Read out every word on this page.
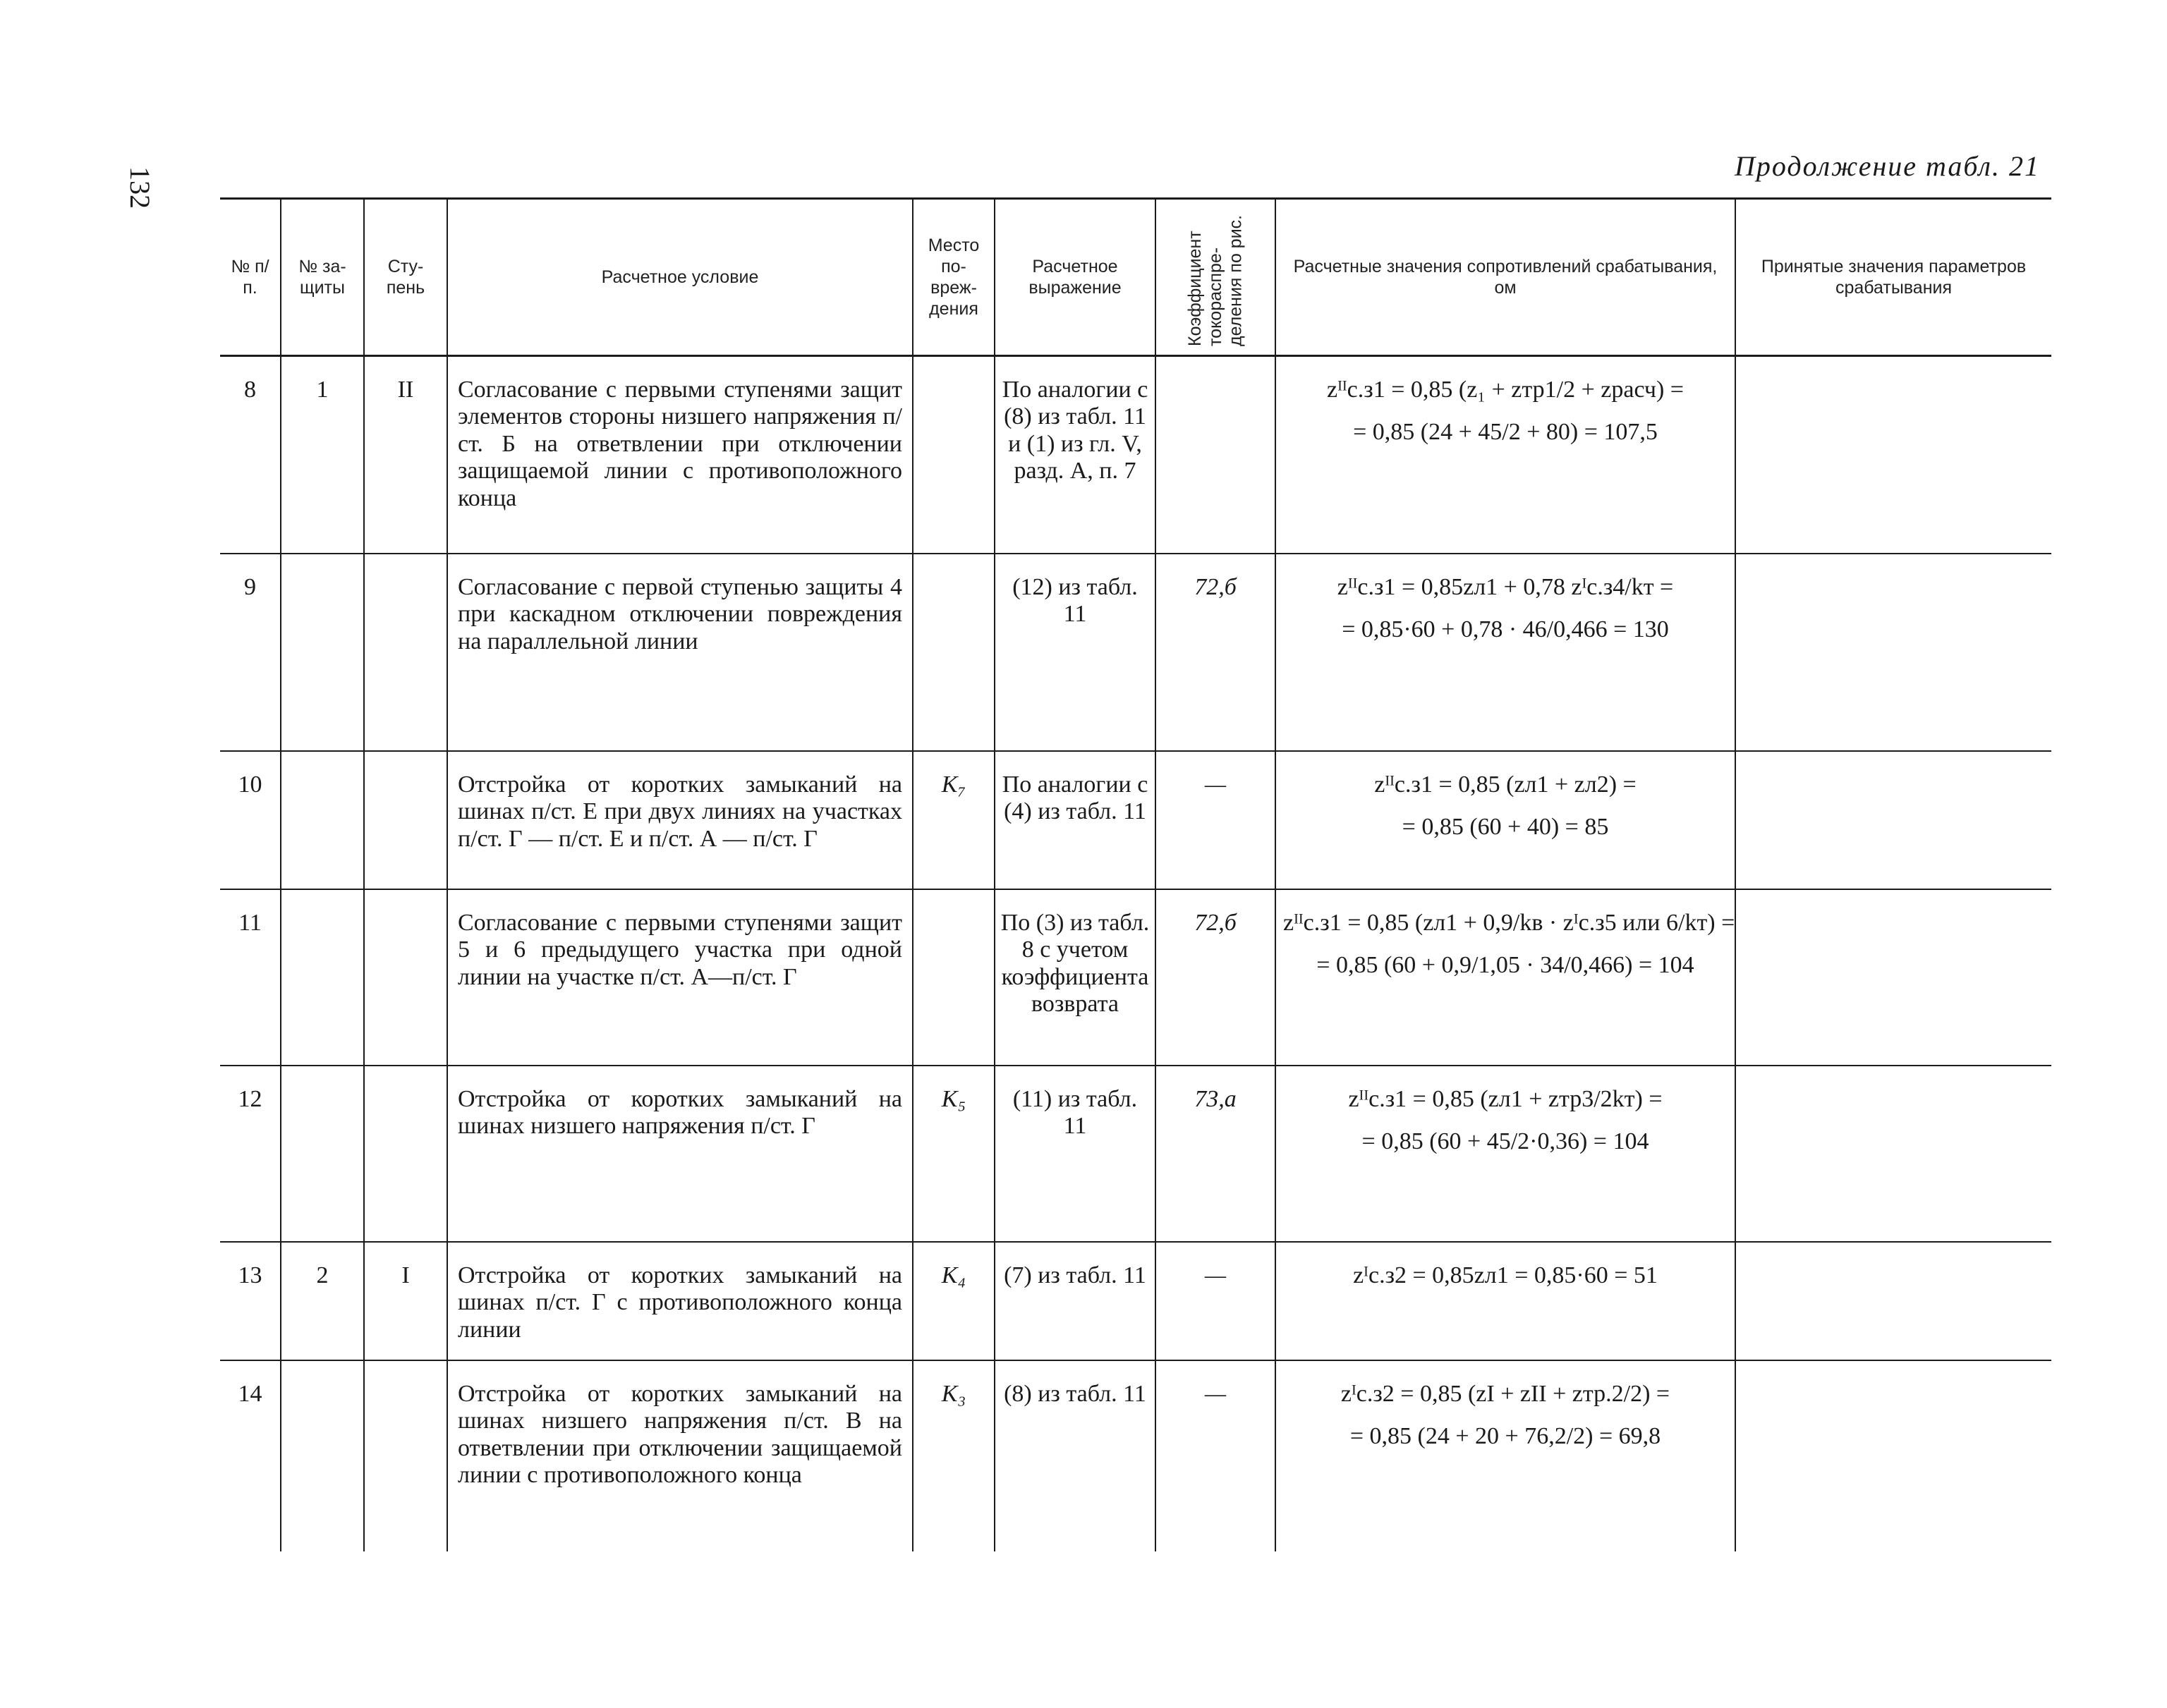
132
Продолжение табл. 21
№ п/п.	№ за-щиты	Сту-пень	Расчетное условие	Место по-вреж-дения	Расчетное выражение	Коэффициент токораспре-деления по рис.	Расчетные значения сопротивлений срабатывания, ом	Принятые значения параметров срабатывания
8	1	II	Согласование с первыми ступенями защит элементов стороны низшего напряжения п/ст. Б на ответвлении при отключении защищаемой линии с противоположного конца		По аналогии с (8) из табл. 11 и (1) из гл. V, разд. А, п. 7		zᴵᴵс.з1 = 0,85 (z₁ + zтр1/2 + zрасч) =
= 0,85 (24 + 45/2 + 80) = 107,5	

9			Согласование с первой ступенью защиты 4 при каскадном отключении повреждения на параллельной линии		(12) из табл. 11	72,б	zᴵᴵс.з1 = 0,85zл1 + 0,78 zᴵс.з4/kт =
= 0,85·60 + 0,78 · 46/0,466 = 130	

10			Отстройка от коротких замыканий на шинах п/ст. Е при двух линиях на участках п/ст. Г — п/ст. Е и п/ст. А — п/ст. Г	K₇	По аналогии с (4) из табл. 11	—	zᴵᴵс.з1 = 0,85 (zл1 + zл2) =
= 0,85 (60 + 40) = 85	

11			Согласование с первыми ступенями защит 5 и 6 предыдущего участка при одной линии на участке п/ст. А—п/ст. Г		По (3) из табл. 8 с учетом коэффициента возврата	72,б	zᴵᴵс.з1 = 0,85 (zл1 + 0,9/kв · zᴵс.з5 или 6/kт) =
= 0,85 (60 + 0,9/1,05 · 34/0,466) = 104	

12			Отстройка от коротких замыканий на шинах низшего напряжения п/ст. Г	K₅	(11) из табл. 11	73,а	zᴵᴵс.з1 = 0,85 (zл1 + zтр3/2kт) =
= 0,85 (60 + 45/2·0,36) = 104	

13	2	I	Отстройка от коротких замыканий на шинах п/ст. Г с противоположного конца линии	K₄	(7) из табл. 11	—	zᴵс.з2 = 0,85zл1 = 0,85·60 = 51	

14			Отстройка от коротких замыканий на шинах низшего напряжения п/ст. В на ответвлении при отключении защищаемой линии с противоположного конца	K₃	(8) из табл. 11	—	zᴵс.з2 = 0,85 (zI + zII + zтр.2/2) =
= 0,85 (24 + 20 + 76,2/2) = 69,8	
